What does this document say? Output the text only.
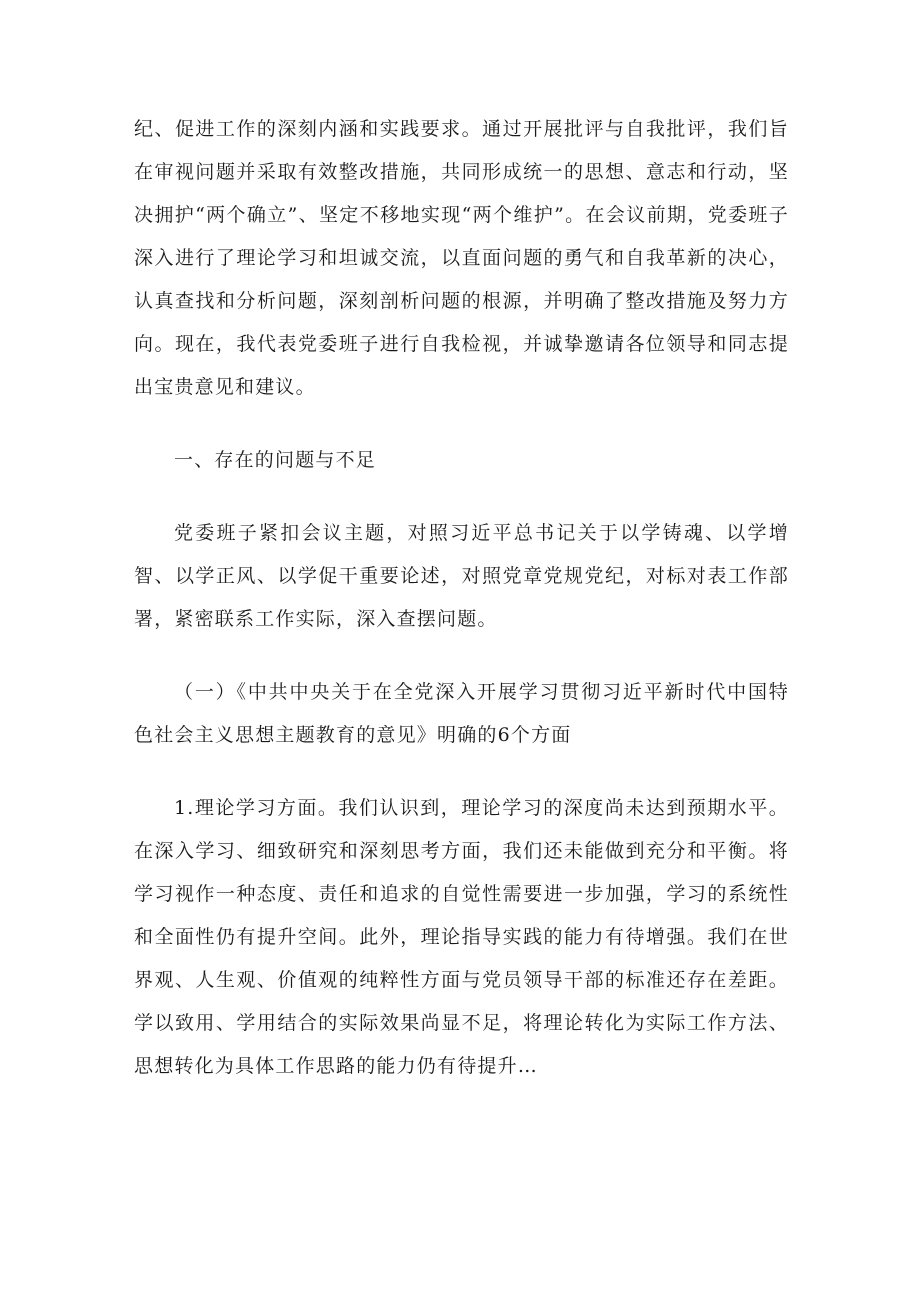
纪、促进工作的深刻内涵和实践要求。通过开展批评与自我批评，我们旨在审视问题并采取有效整改措施，共同形成统一的思想、意志和行动，坚决拥护“两个确立”、坚定不移地实现“两个维护”。在会议前期，党委班子深入进行了理论学习和坦诚交流，以直面问题的勇气和自我革新的决心，认真查找和分析问题，深刻剖析问题的根源，并明确了整改措施及努力方向。现在，我代表党委班子进行自我检视，并诚挚邀请各位领导和同志提出宝贵意见和建议。

一、存在的问题与不足

党委班子紧扣会议主题，对照习近平总书记关于以学铸魂、以学增智、以学正风、以学促干重要论述，对照党章党规党纪，对标对表工作部署，紧密联系工作实际，深入查摆问题。

（一）《中共中央关于在全党深入开展学习贯彻习近平新时代中国特色社会主义思想主题教育的意见》明确的6个方面

1.理论学习方面。我们认识到，理论学习的深度尚未达到预期水平。在深入学习、细致研究和深刻思考方面，我们还未能做到充分和平衡。将学习视作一种态度、责任和追求的自觉性需要进一步加强，学习的系统性和全面性仍有提升空间。此外，理论指导实践的能力有待增强。我们在世界观、人生观、价值观的纯粹性方面与党员领导干部的标准还存在差距。学以致用、学用结合的实际效果尚显不足，将理论转化为实际工作方法、思想转化为具体工作思路的能力仍有待提升…
